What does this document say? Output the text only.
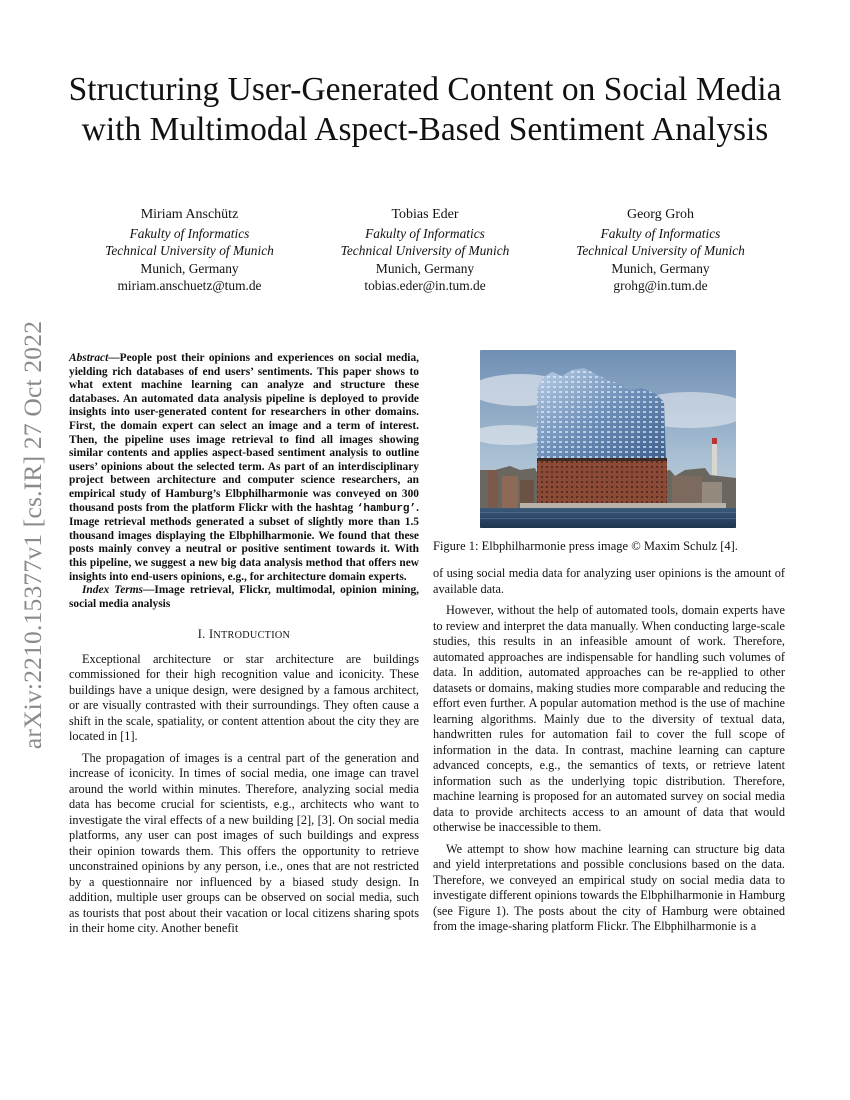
arXiv:2210.15377v1 [cs.IR] 27 Oct 2022
Structuring User-Generated Content on Social Media with Multimodal Aspect-Based Sentiment Analysis
Miriam Anschütz
Fakulty of Informatics
Technical University of Munich
Munich, Germany
miriam.anschuetz@tum.de
Tobias Eder
Fakulty of Informatics
Technical University of Munich
Munich, Germany
tobias.eder@in.tum.de
Georg Groh
Fakulty of Informatics
Technical University of Munich
Munich, Germany
grohg@in.tum.de
Abstract—People post their opinions and experiences on social media, yielding rich databases of end users’ sentiments. This paper shows to what extent machine learning can analyze and structure these databases. An automated data analysis pipeline is deployed to provide insights into user-generated content for researchers in other domains. First, the domain expert can select an image and a term of interest. Then, the pipeline uses image retrieval to find all images showing similar contents and applies aspect-based sentiment analysis to outline users’ opinions about the selected term. As part of an interdisciplinary project between architecture and computer science researchers, an empirical study of Hamburg’s Elbphilharmonie was conveyed on 300 thousand posts from the platform Flickr with the hashtag ‘hamburg’. Image retrieval methods generated a subset of slightly more than 1.5 thousand images displaying the Elbphilharmonie. We found that these posts mainly convey a neutral or positive sentiment towards it. With this pipeline, we suggest a new big data analysis method that offers new insights into end-users opinions, e.g., for architecture domain experts.

Index Terms—Image retrieval, Flickr, multimodal, opinion mining, social media analysis

I. INTRODUCTION

Exceptional architecture or star architecture are buildings commissioned for their high recognition value and iconicity. These buildings have a unique design, were designed by a famous architect, or are visually contrasted with their surroundings. They often cause a shift in the scale, spatiality, or content attention about the city they are located in [1].

The propagation of images is a central part of the generation and increase of iconicity. In times of social media, one image can travel around the world within minutes. Therefore, analyzing social media data has become crucial for scientists, e.g., architects who want to investigate the viral effects of a new building [2], [3]. On social media platforms, any user can post images of such buildings and express their opinion towards them. This offers the opportunity to retrieve unconstrained opinions by any person, i.e., ones that are not restricted by a questionnaire nor influenced by a biased study design. In addition, multiple user groups can be observed on social media, such as tourists that post about their vacation or local citizens sharing spots in their home city. Another benefit

Figure 1: Elbphilharmonie press image © Maxim Schulz [4].

of using social media data for analyzing user opinions is the amount of available data.

However, without the help of automated tools, domain experts have to review and interpret the data manually. When conducting large-scale studies, this results in an infeasible amount of work. Therefore, automated approaches are indispensable for handling such volumes of data. In addition, automated approaches can be re-applied to other datasets or domains, making studies more comparable and reducing the effort even further. A popular automation method is the use of machine learning algorithms. Mainly due to the diversity of textual data, handwritten rules for automation fail to cover the full scope of information in the data. In contrast, machine learning can capture advanced concepts, e.g., the semantics of texts, or retrieve latent information such as the underlying topic distribution. Therefore, machine learning is proposed for an automated survey on social media data to provide architects access to an amount of data that would otherwise be inaccessible to them.

We attempt to show how machine learning can structure big data and yield interpretations and possible conclusions based on the data. Therefore, we conveyed an empirical study on social media data to investigate different opinions towards the Elbphilharmonie in Hamburg (see Figure 1). The posts about the city of Hamburg were obtained from the image-sharing platform Flickr. The Elbphilharmonie is a
